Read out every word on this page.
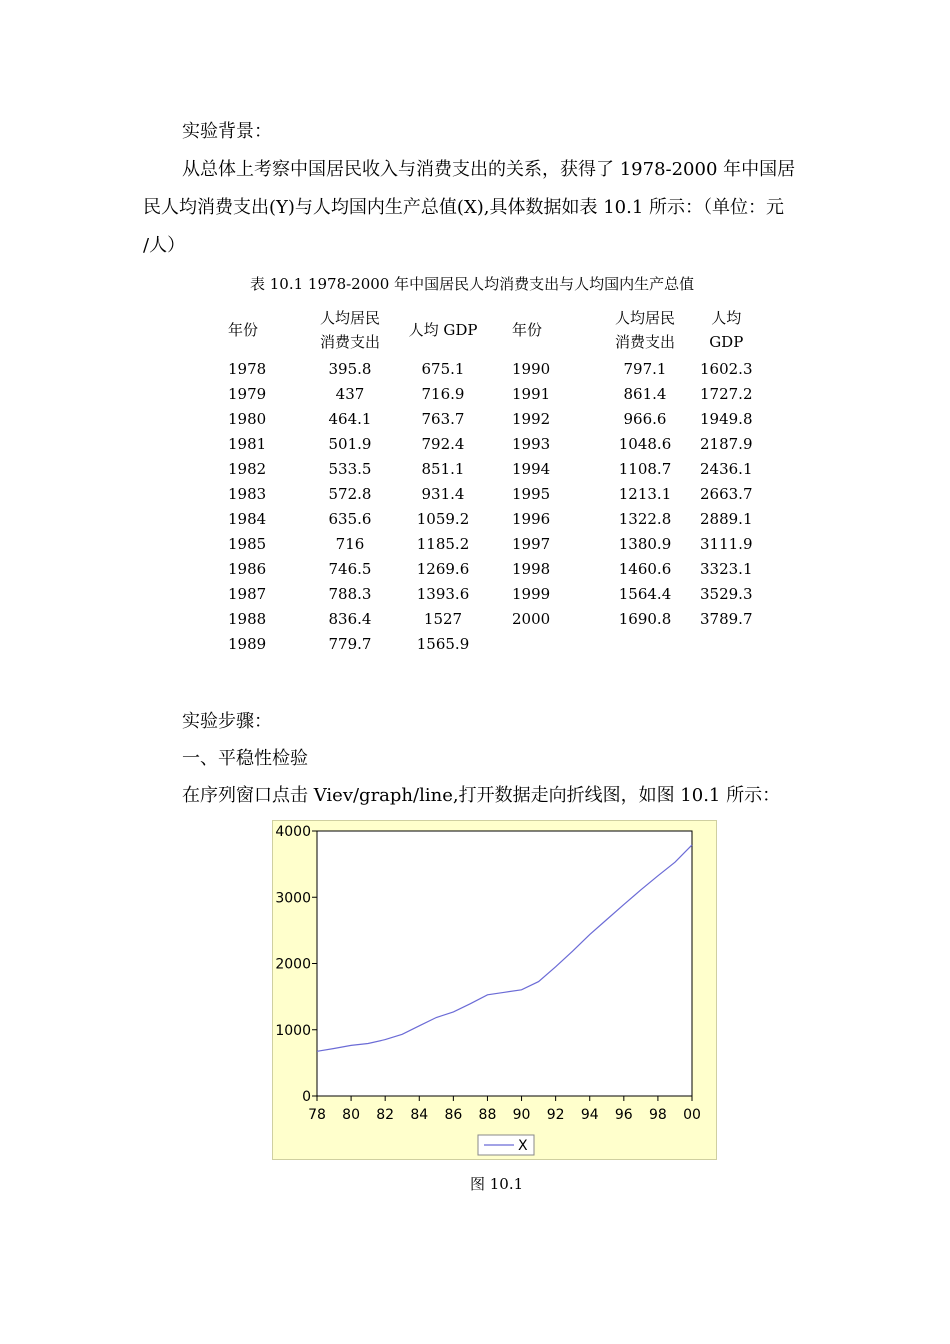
实验背景：
从总体上考察中国居民收入与消费支出的关系，获得了 1978-2000 年中国居
民人均消费支出(Y)与人均国内生产总值(X),具体数据如表 10.1 所示：（单位：元
/人）
表 10.1 1978-2000 年中国居民人均消费支出与人均国内生产总值
年份	人均居民
消费支出	人均 GDP	年份	人均居民
消费支出	人均
GDP
1978	395.8	675.1	1990	797.1	1602.3
1979	437	716.9	1991	861.4	1727.2
1980	464.1	763.7	1992	966.6	1949.8
1981	501.9	792.4	1993	1048.6	2187.9
1982	533.5	851.1	1994	1108.7	2436.1
1983	572.8	931.4	1995	1213.1	2663.7
1984	635.6	1059.2	1996	1322.8	2889.1
1985	716	1185.2	1997	1380.9	3111.9
1986	746.5	1269.6	1998	1460.6	3323.1
1987	788.3	1393.6	1999	1564.4	3529.3
1988	836.4	1527	2000	1690.8	3789.7
1989	779.7	1565.9			
实验步骤：
一、平稳性检验
在序列窗口点击 Viev/graph/line,打开数据走向折线图，如图 10.1 所示：
0
1000
2000
3000
4000
78 80 82 84 86 88 90 92 94 96 98 00
X
图 10.1
